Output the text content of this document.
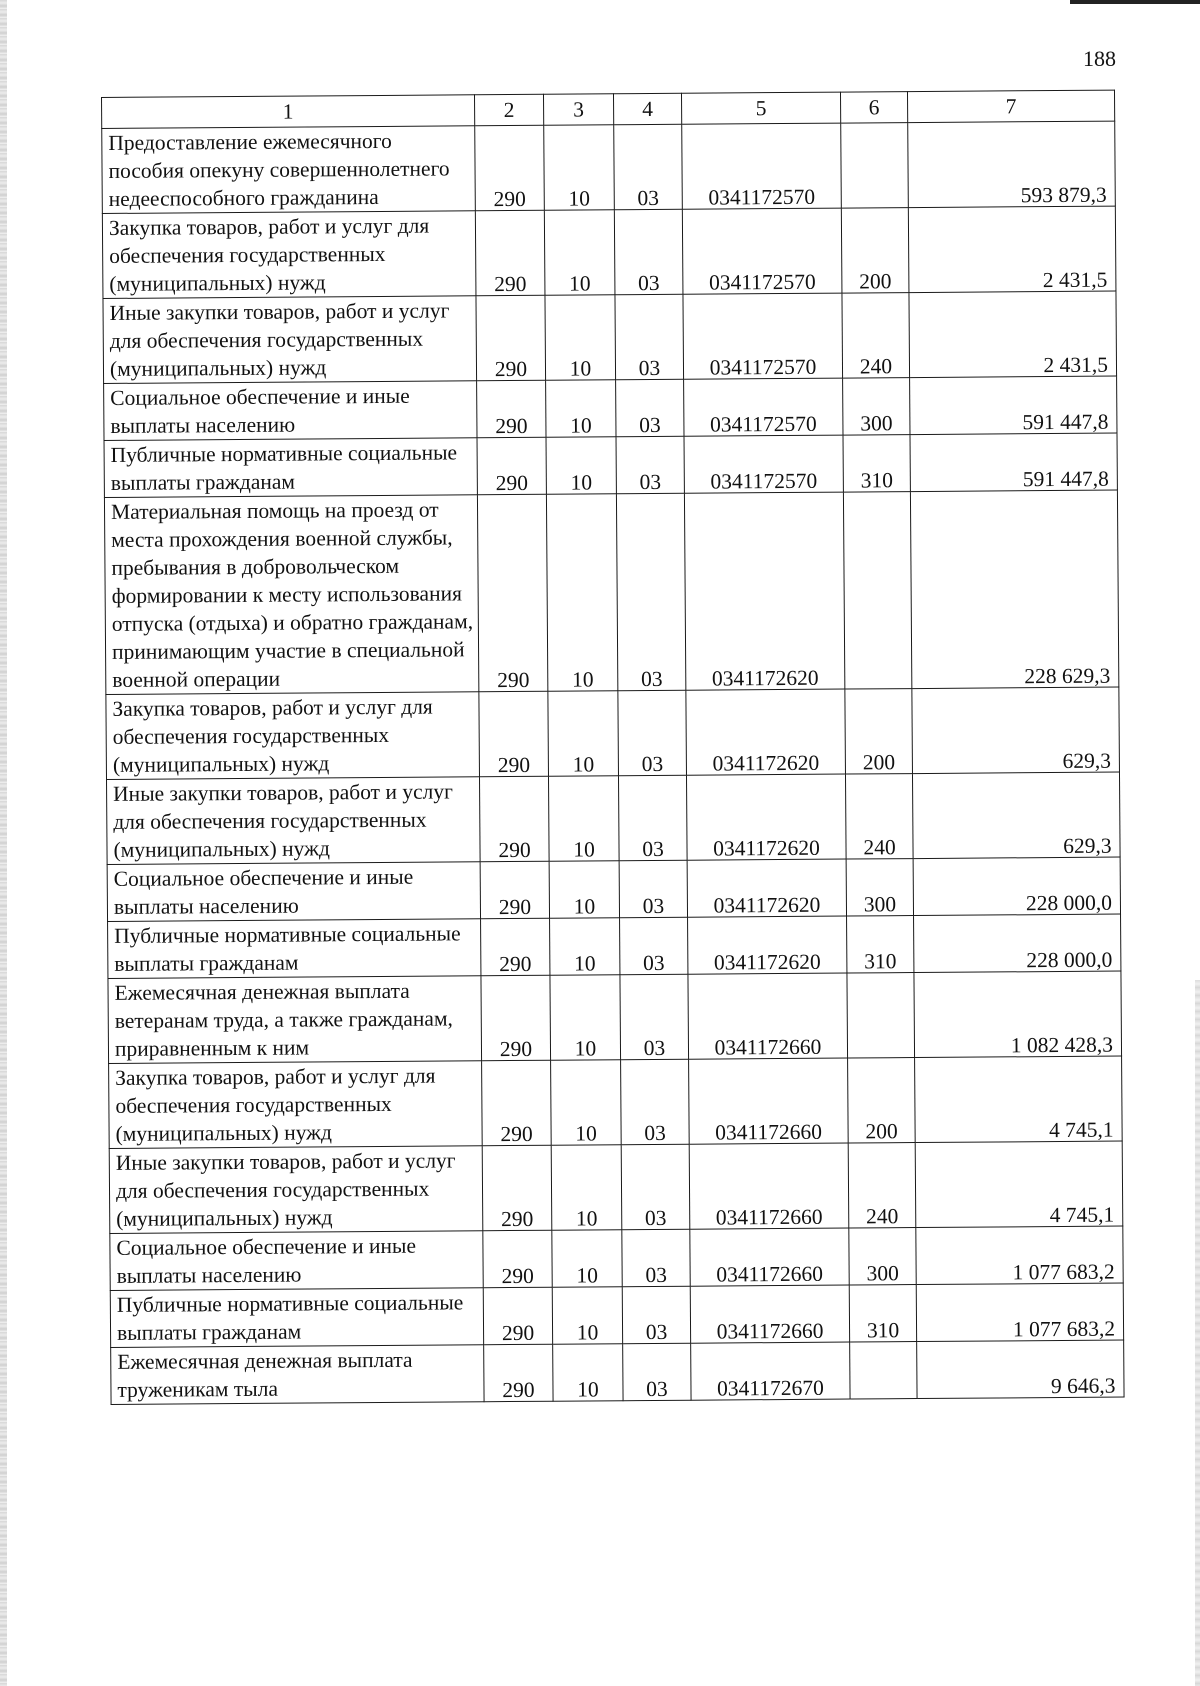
188
1	2	3	4	5	6	7
Предоставление ежемесячного пособия опекуну совершеннолетнего недееспособного гражданина	290	10	03	0341172570		593 879,3
Закупка товаров, работ и услуг для обеспечения государственных (муниципальных) нужд	290	10	03	0341172570	200	2 431,5
Иные закупки товаров, работ и услуг для обеспечения государственных (муниципальных) нужд	290	10	03	0341172570	240	2 431,5
Социальное обеспечение и иные выплаты населению	290	10	03	0341172570	300	591 447,8
Публичные нормативные социальные выплаты гражданам	290	10	03	0341172570	310	591 447,8
Материальная помощь на проезд от места прохождения военной службы, пребывания в добровольческом формировании к месту использования отпуска (отдыха) и обратно гражданам, принимающим участие в специальной военной операции	290	10	03	0341172620		228 629,3
Закупка товаров, работ и услуг для обеспечения государственных (муниципальных) нужд	290	10	03	0341172620	200	629,3
Иные закупки товаров, работ и услуг для обеспечения государственных (муниципальных) нужд	290	10	03	0341172620	240	629,3
Социальное обеспечение и иные выплаты населению	290	10	03	0341172620	300	228 000,0
Публичные нормативные социальные выплаты гражданам	290	10	03	0341172620	310	228 000,0
Ежемесячная денежная выплата ветеранам труда, а также гражданам, приравненным к ним	290	10	03	0341172660		1 082 428,3
Закупка товаров, работ и услуг для обеспечения государственных (муниципальных) нужд	290	10	03	0341172660	200	4 745,1
Иные закупки товаров, работ и услуг для обеспечения государственных (муниципальных) нужд	290	10	03	0341172660	240	4 745,1
Социальное обеспечение и иные выплаты населению	290	10	03	0341172660	300	1 077 683,2
Публичные нормативные социальные выплаты гражданам	290	10	03	0341172660	310	1 077 683,2
Ежемесячная денежная выплата труженикам тыла	290	10	03	0341172670		9 646,3
